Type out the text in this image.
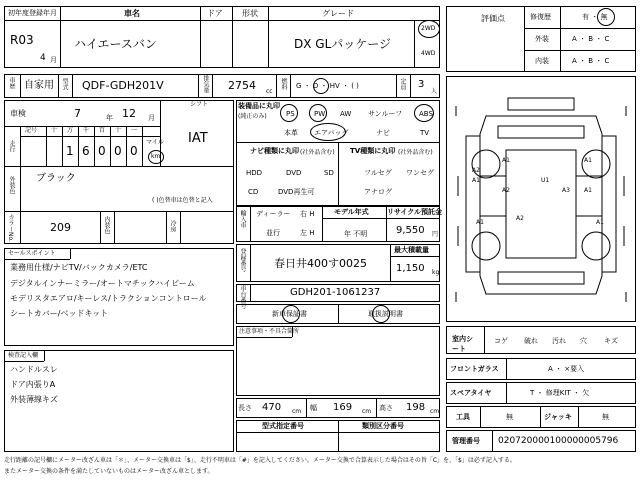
初年度登録年月	車名	ドア 形状	グレード
R03
4 月
ハイエースバン	DX GLパッケージ
2WD
4WD
車歴 自家用 型式 QDF-GDH201V	排気量 2754 cc
燃料 G ・ D ・ HV ・ ( )	定員 3
人
車検	7	年 12 月
シフト
IAT
走行
記号 十 万 千 百 十 一
1 6 0 0 0
マイル
km
外装色 ブラック
( )色替車は色替と記入
カラーNo.	209	内装色	冷房
セールスポイント
業務用仕様/ナビTV/バックカメラ/ETC
デジタルインナーミラー/オートマチックハイビーム
モデリスタエアロ/キーレス/トラクションコントロール
シートカバー/ベッドキット
検査記入欄
ハンドルスレ
ドア内張りA
外装薄線キズ
装備品に丸印
(純正のみ)	PS	PW AW サンルーフ ABS
本革 エアバッグ	ナビ	TV
ナビ種類に丸印 (社外品含む)
HDD	DVD	SD
CD	DVD再生可
TV種類に丸印 (社外品含む)
フルセグ ワンセグ
アナログ
輸入車 ディーラー 右 H
並行	左 H
モデル年式
年 不明
リサイクル預託金
9,550 円
登録番号	春日井400す0025
最大積載量
1,150 kg
車台番号	GDH201-1061237
新車保証書	取扱説明書
注意事項・不具合箇所
長さ 470 cm 幅 169 cm 高さ 198 cm
型式指定番号	類別区分番号
評価点	修復歴	有 ・ 無
外装	A ・ B ・ C
内装	A ・ B ・ C
A2
A1	U1
A1	A1
A3 A1
A2
A1
A2
A1
室内シート
コゲ 破れ 汚れ 穴 キズ
フロントガラス	A ・ ×要入
スペアタイヤ	T ・ 修理KIT ・ 欠
工具	無	ジャッキ	無
管理番号 020720000100000005796
走行距離の記号欄にメーター改ざん車は「＊」、メーター交換車は「$」、走行不明車は「#」を記入してください。メーター交換で合算表示した場合はその旨「C」を、「$」は必ず記入する。
またメーター交換の条件を満たしていないものはメーター改ざん車とします。
